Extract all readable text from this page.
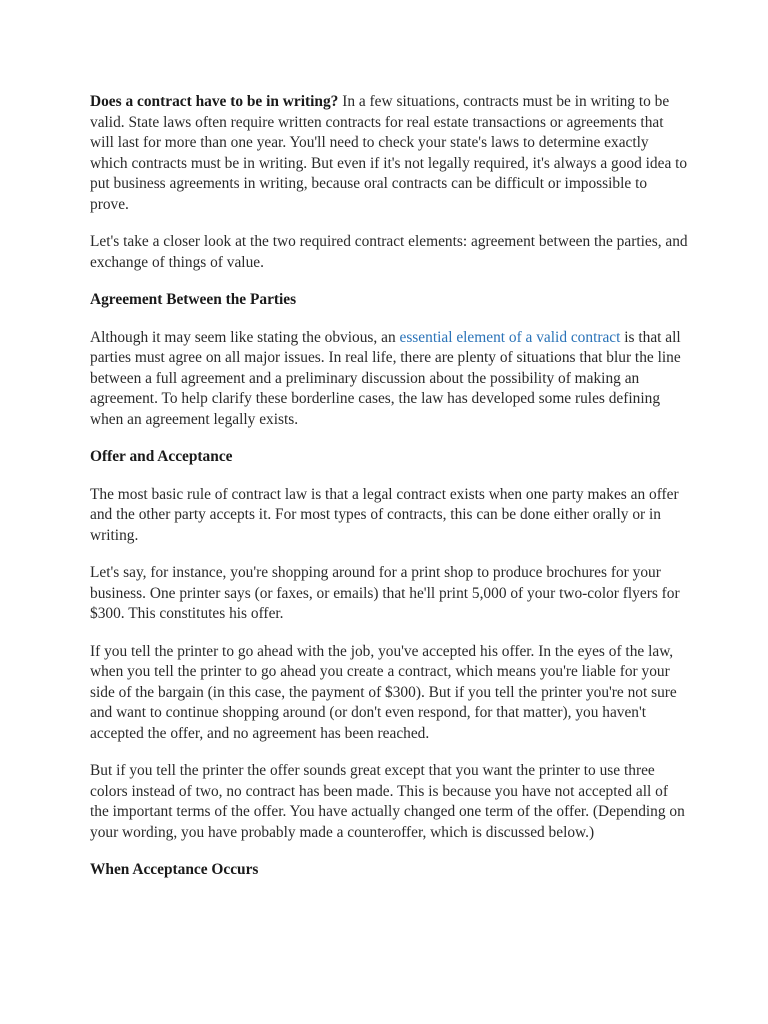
Does a contract have to be in writing? In a few situations, contracts must be in writing to be valid. State laws often require written contracts for real estate transactions or agreements that will last for more than one year. You'll need to check your state's laws to determine exactly which contracts must be in writing. But even if it's not legally required, it's always a good idea to put business agreements in writing, because oral contracts can be difficult or impossible to prove.

Let's take a closer look at the two required contract elements: agreement between the parties, and exchange of things of value.

Agreement Between the Parties

Although it may seem like stating the obvious, an essential element of a valid contract is that all parties must agree on all major issues. In real life, there are plenty of situations that blur the line between a full agreement and a preliminary discussion about the possibility of making an agreement. To help clarify these borderline cases, the law has developed some rules defining when an agreement legally exists.

Offer and Acceptance

The most basic rule of contract law is that a legal contract exists when one party makes an offer and the other party accepts it. For most types of contracts, this can be done either orally or in writing.

Let's say, for instance, you're shopping around for a print shop to produce brochures for your business. One printer says (or faxes, or emails) that he'll print 5,000 of your two-color flyers for $300. This constitutes his offer.

If you tell the printer to go ahead with the job, you've accepted his offer. In the eyes of the law, when you tell the printer to go ahead you create a contract, which means you're liable for your side of the bargain (in this case, the payment of $300). But if you tell the printer you're not sure and want to continue shopping around (or don't even respond, for that matter), you haven't accepted the offer, and no agreement has been reached.

But if you tell the printer the offer sounds great except that you want the printer to use three colors instead of two, no contract has been made. This is because you have not accepted all of the important terms of the offer. You have actually changed one term of the offer. (Depending on your wording, you have probably made a counteroffer, which is discussed below.)

When Acceptance Occurs
